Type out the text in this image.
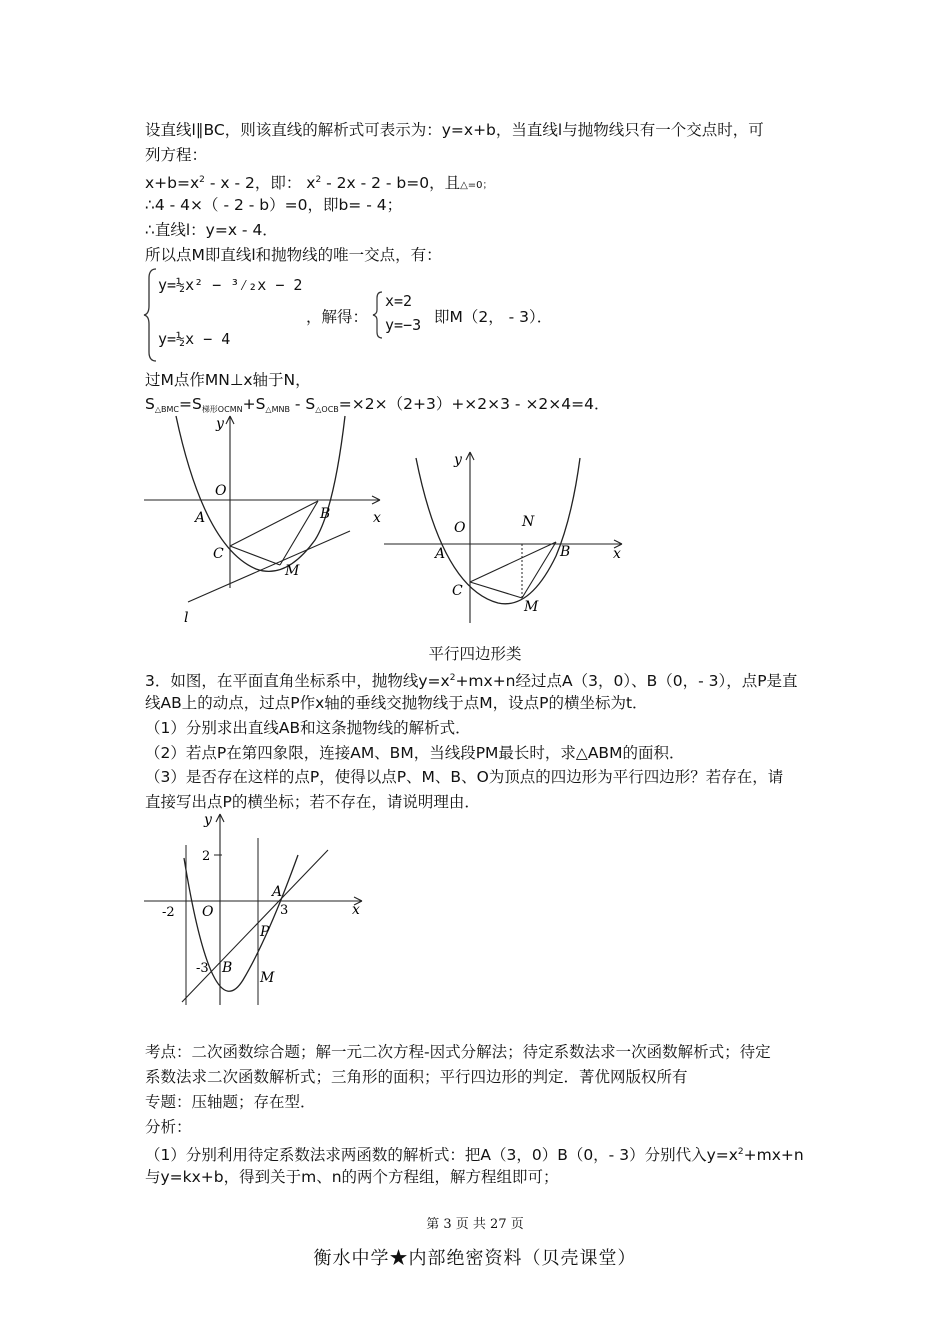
设直线l∥BC，则该直线的解析式可表示为：y=x+b，当直线l与抛物线只有一个交点时，可
列方程：
$x+b=x^2 - x - 2$，即： $x^2 - 2x - 2 - b=0$，且△=0；
∴4 - 4×（ - 2 - b）=0，即b= - 4；
∴直线l：y=x - 4．
所以点M即直线l和抛物线的唯一交点，有：
y=½x² − ³⁄₂x − 2
y=½x − 4
，解得：
x=2
y=−3 即M（2， - 3）．
过M点作MN⊥x轴于N，
$S_{\triangle BMC}=S_{梯形OCMN}+S_{\triangle MNB} - S_{\triangle OCB}=\times 2\times(2+3)+\times 2\times 3 - \times 2\times 4=4$．
y
x
O
A	B
C
M
l
y
x
O
A	B
C
M
N
平行四边形类
3．如图，在平面直角坐标系中，抛物线$y=x^2+mx+n$经过点A（3，0）、B（0，- 3），点P是直
线AB上的动点，过点P作x轴的垂线交抛物线于点M，设点P的横坐标为t．
（1）分别求出直线AB和这条抛物线的解析式．
（2）若点P在第四象限，连接AM、BM，当线段PM最长时，求△ABM的面积．
（3）是否存在这样的点P，使得以点P、M、B、O为顶点的四边形为平行四边形？若存在，请
直接写出点P的横坐标；若不存在，请说明理由．
2
-2	3
-3
y
x
O
A
B
P
M
考点：二次函数综合题；解一元二次方程-因式分解法；待定系数法求一次函数解析式；待定
系数法求二次函数解析式；三角形的面积；平行四边形的判定．菁优网版权所有
专题：压轴题；存在型．
分析：
（1）分别利用待定系数法求两函数的解析式：把A（3，0）B（0，- 3）分别代入$y=x^2+mx+n$
与y=kx+b，得到关于m、n的两个方程组，解方程组即可；
第 3 页 共 27 页
衡水中学★内部绝密资料（贝壳课堂）
